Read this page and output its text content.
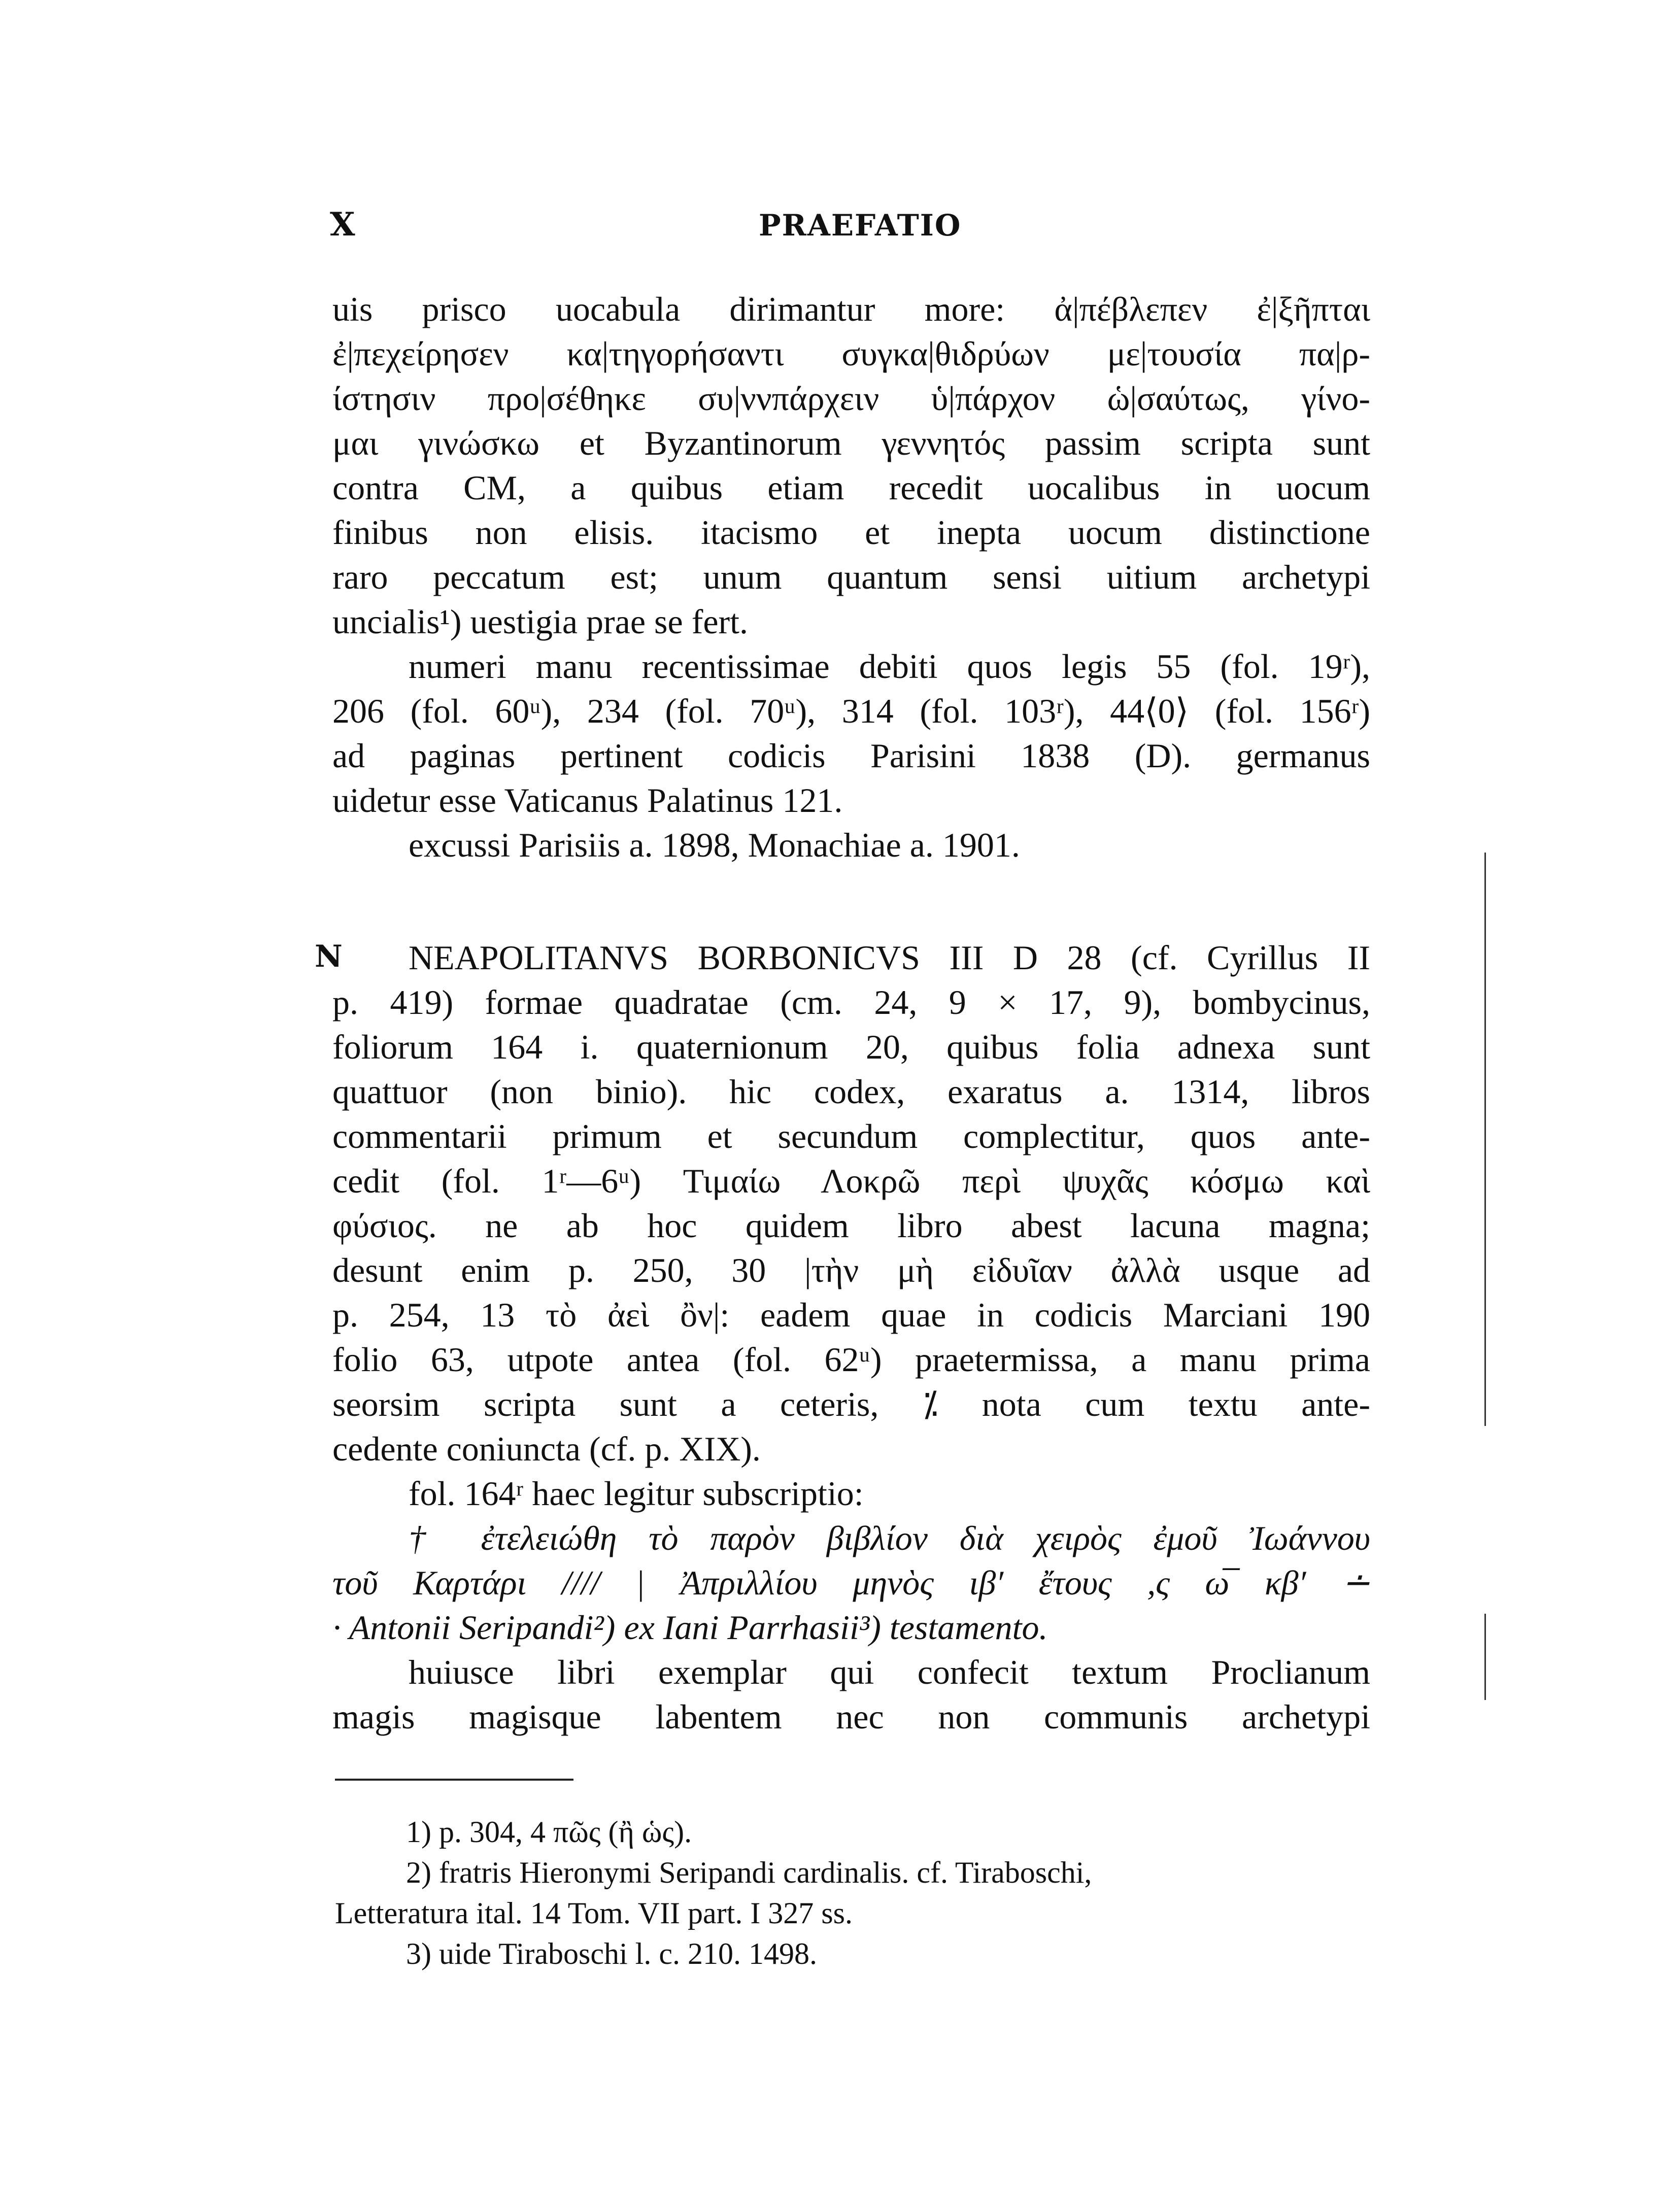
X	PRAEFATIO
uis prisco uocabula dirimantur more: ἀ|πέβλεπεν ἐ|ξῆπται
ἐ|πεχείρησεν κα|τηγορήσαντι συγκα|θιδρύων με|τουσία πα|ρ-
ίστησιν προ|σέθηκε συ|ννπάρχειν ὑ|πάρχον ὡ|σαύτως, γίνο-
μαι γινώσκω et Byzantinorum γεννητός passim scripta sunt
contra CM, a quibus etiam recedit uocalibus in uocum
finibus non elisis. itacismo et inepta uocum distinctione
raro peccatum est; unum quantum sensi uitium archetypi
uncialis¹) uestigia prae se fert.
numeri manu recentissimae debiti quos legis 55 (fol. 19ʳ),
206 (fol. 60ᵘ), 234 (fol. 70ᵘ), 314 (fol. 103ʳ), 44⟨0⟩ (fol. 156ʳ)
ad paginas pertinent codicis Parisini 1838 (D). germanus
uidetur esse Vaticanus Palatinus 121.
excussi Parisiis a. 1898, Monachiae a. 1901.
N	NEAPOLITANVS BORBONICVS III D 28 (cf. Cyrillus II
p. 419) formae quadratae (cm. 24, 9 × 17, 9), bombycinus,
foliorum 164 i. quaternionum 20, quibus folia adnexa sunt
quattuor (non binio). hic codex, exaratus a. 1314, libros
commentarii primum et secundum complectitur, quos ante-
cedit (fol. 1ʳ—6ᵘ) Τιμαίω Λοκρῶ περὶ ψυχᾶς κόσμω καὶ
φύσιος. ne ab hoc quidem libro abest lacuna magna;
desunt enim p. 250, 30 |τὴν μὴ εἰδυῖαν ἀλλὰ usque ad
p. 254, 13 τὸ ἀεὶ ὂν|: eadem quae in codicis Marciani 190
folio 63, utpote antea (fol. 62ᵘ) praetermissa, a manu prima
seorsim scripta sunt a ceteris, ⁒ nota cum textu ante-
cedente coniuncta (cf. p. XIX).
fol. 164ʳ haec legitur subscriptio:
† ἐτελειώθη τὸ παρὸν βιβλίον διὰ χειρὸς ἐμοῦ Ἰωάννου
τοῦ Καρτάρι //// | Ἀπριλλίου μηνὸς ιβ′ ἔτους ,ς ω̅ κβ′ ∸
· Antonii Seripandi²) ex Iani Parrhasii³) testamento.
huiusce libri exemplar qui confecit textum Proclianum
magis magisque labentem nec non communis archetypi
1) p. 304, 4 πῶς (ἢ ὡς).
2) fratris Hieronymi Seripandi cardinalis. cf. Tiraboschi,
Letteratura ital. 14 Tom. VII part. I 327 ss.
3) uide Tiraboschi l. c. 210. 1498.
